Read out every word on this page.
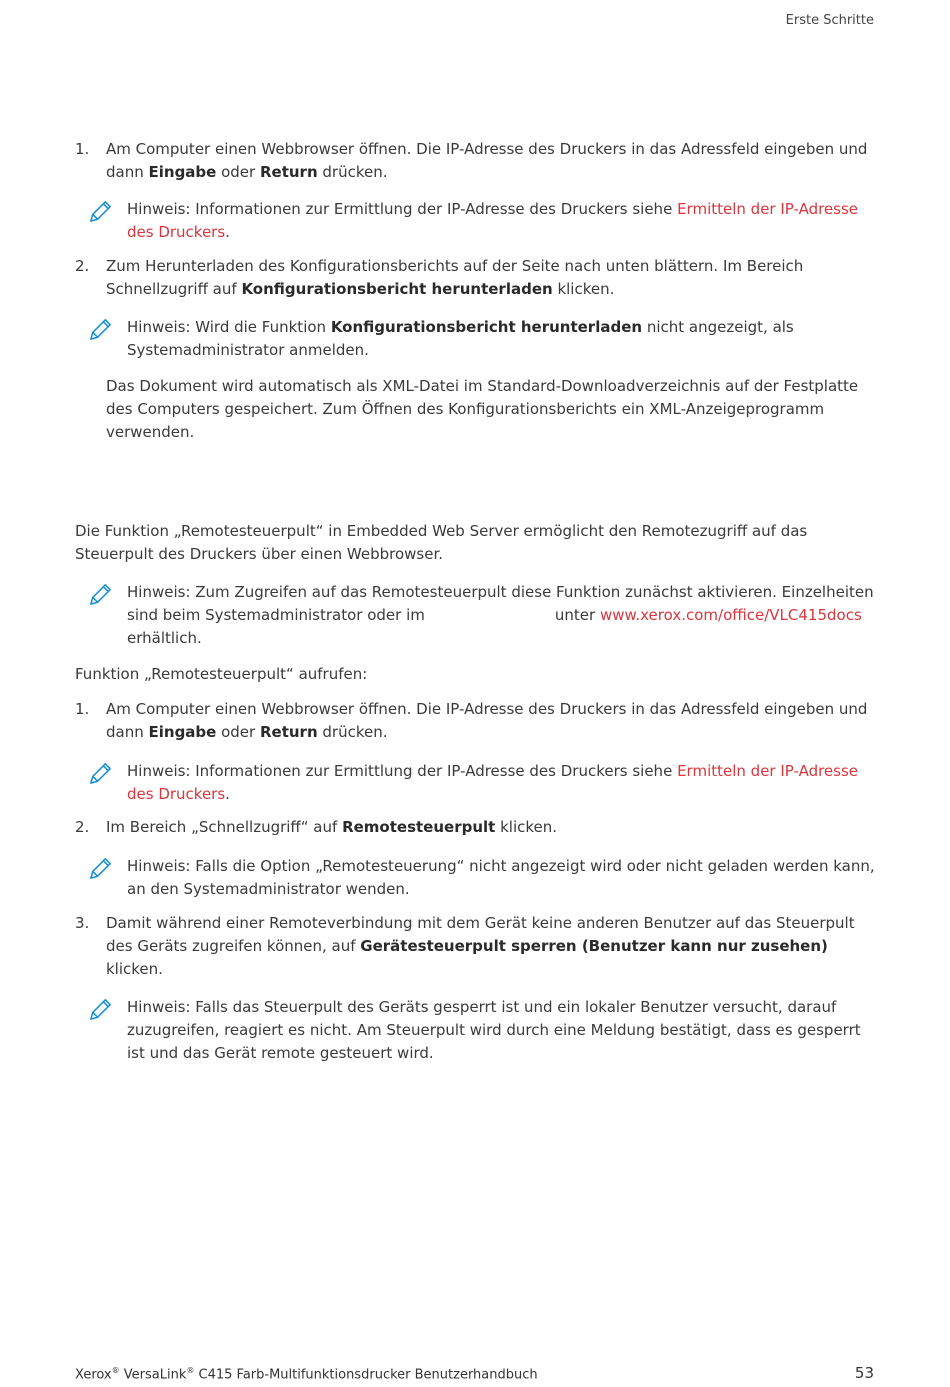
Erste Schritte
1.	Am Computer einen Webbrowser öffnen. Die IP-Adresse des Druckers in das Adressfeld eingeben und dann Eingabe oder Return drücken.
Hinweis: Informationen zur Ermittlung der IP-Adresse des Druckers siehe Ermitteln der IP-Adresse des Druckers.
2.	Zum Herunterladen des Konfigurationsberichts auf der Seite nach unten blättern. Im Bereich Schnellzugriff auf Konfigurationsbericht herunterladen klicken.
Hinweis: Wird die Funktion Konfigurationsbericht herunterladen nicht angezeigt, als Systemadministrator anmelden.
Das Dokument wird automatisch als XML-Datei im Standard-Downloadverzeichnis auf der Festplatte des Computers gespeichert. Zum Öffnen des Konfigurationsberichts ein XML-Anzeigeprogramm verwenden.
Die Funktion „Remotesteuerpult“ in Embedded Web Server ermöglicht den Remotezugriff auf das Steuerpult des Druckers über einen Webbrowser.
Hinweis: Zum Zugreifen auf das Remotesteuerpult diese Funktion zunächst aktivieren. Einzelheiten sind beim Systemadministrator oder im	unter www.xerox.com/office/VLC415docs
erhältlich.
Funktion „Remotesteuerpult“ aufrufen:
1.	Am Computer einen Webbrowser öffnen. Die IP-Adresse des Druckers in das Adressfeld eingeben und dann Eingabe oder Return drücken.
Hinweis: Informationen zur Ermittlung der IP-Adresse des Druckers siehe Ermitteln der IP-Adresse des Druckers.
2.	Im Bereich „Schnellzugriff“ auf Remotesteuerpult klicken.
Hinweis: Falls die Option „Remotesteuerung“ nicht angezeigt wird oder nicht geladen werden kann, an den Systemadministrator wenden.
3.	Damit während einer Remoteverbindung mit dem Gerät keine anderen Benutzer auf das Steuerpult des Geräts zugreifen können, auf Gerätesteuerpult sperren (Benutzer kann nur zusehen) klicken.
Hinweis: Falls das Steuerpult des Geräts gesperrt ist und ein lokaler Benutzer versucht, darauf zuzugreifen, reagiert es nicht. Am Steuerpult wird durch eine Meldung bestätigt, dass es gesperrt ist und das Gerät remote gesteuert wird.
Xerox® VersaLink® C415 Farb-Multifunktionsdrucker Benutzerhandbuch	53
